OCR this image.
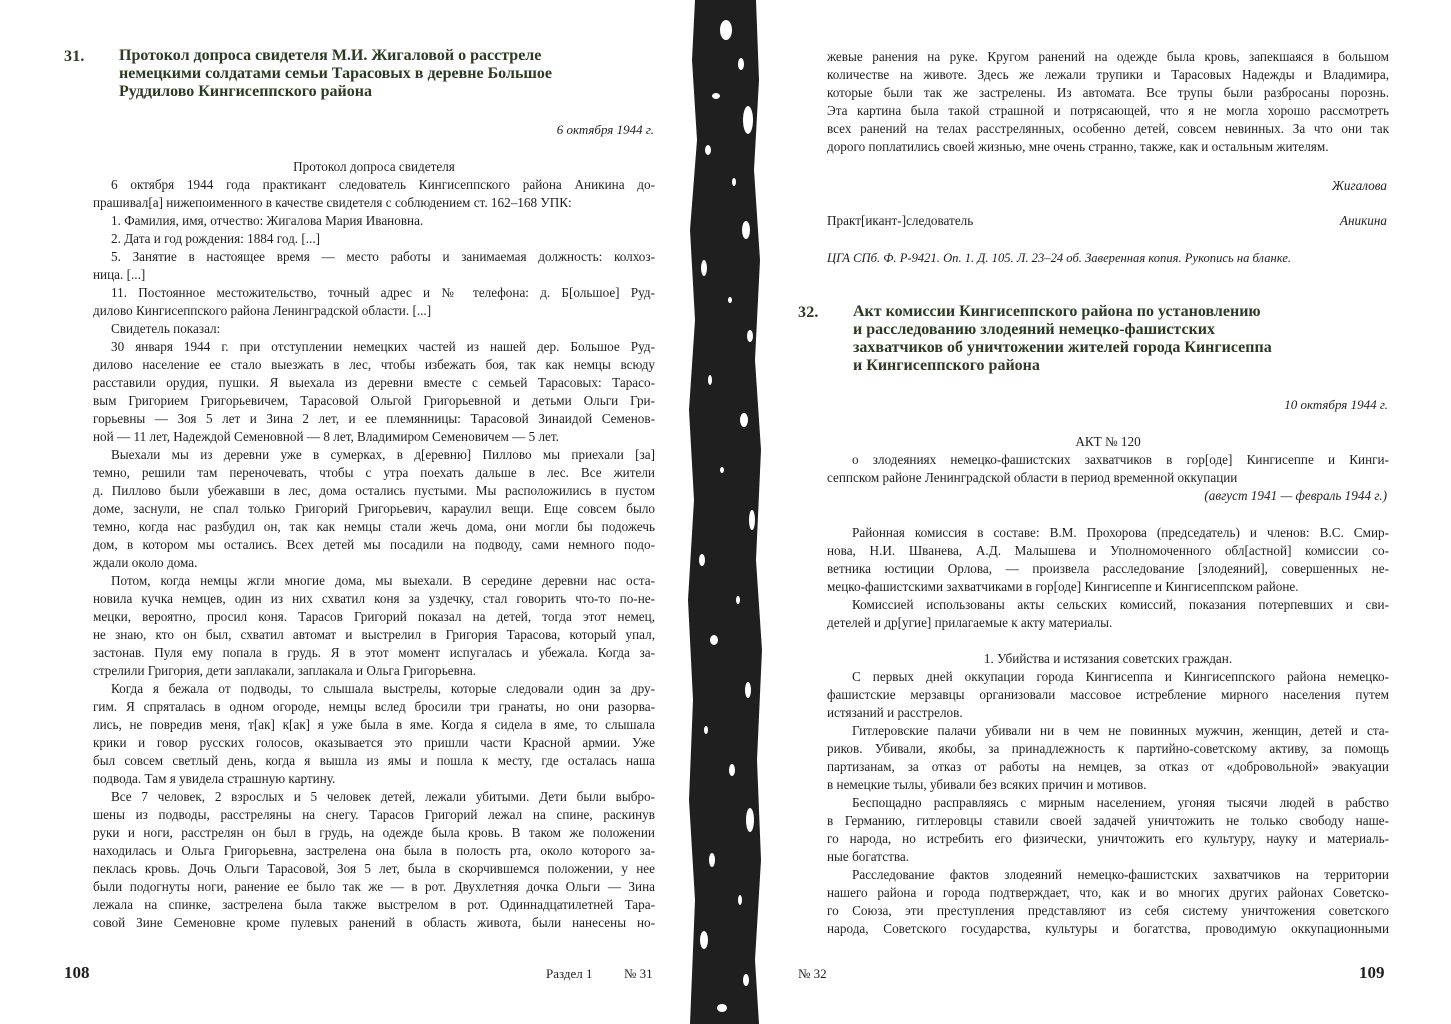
31. Протокол допроса свидетеля М.И. Жигаловой о расстреле
немецкими солдатами семьи Тарасовых в деревне Большое
Руддилово Кингисеппского района
6 октября 1944 г.
Протокол допроса свидетеля
6 октября 1944 года практикант следователь Кингисеппского района Аникина до-
прашивал[а] нижепоименного в качестве свидетеля с соблюдением ст. 162–168 УПК:
1. Фамилия, имя, отчество: Жигалова Мария Ивановна.
2. Дата и год рождения: 1884 год. [...]
5. Занятие в настоящее время — место работы и занимаемая должность: колхоз-
ница. [...]
11. Постоянное местожительство, точный адрес и № телефона: д. Б[ольшое] Руд-
дилово Кингисеппского района Ленинградской области. [...]
Свидетель показал:
30 января 1944 г. при отступлении немецких частей из нашей дер. Большое Руд-
дилово население ее стало выезжать в лес, чтобы избежать боя, так как немцы всюду
расставили орудия, пушки. Я выехала из деревни вместе с семьей Тарасовых: Тарасо-
вым Григорием Григорьевичем, Тарасовой Ольгой Григорьевной и детьми Ольги Гри-
горьевны — Зоя 5 лет и Зина 2 лет, и ее племянницы: Тарасовой Зинаидой Семенов-
ной — 11 лет, Надеждой Семеновной — 8 лет, Владимиром Семеновичем — 5 лет.
Выехали мы из деревни уже в сумерках, в д[еревню] Пиллово мы приехали [за]
темно, решили там переночевать, чтобы с утра поехать дальше в лес. Все жители
д. Пиллово были убежавши в лес, дома остались пустыми. Мы расположились в пустом
доме, заснули, не спал только Григорий Григорьевич, караулил вещи. Еще совсем было
темно, когда нас разбудил он, так как немцы стали жечь дома, они могли бы подожечь
дом, в котором мы остались. Всех детей мы посадили на подводу, сами немного подо-
ждали около дома.
Потом, когда немцы жгли многие дома, мы выехали. В середине деревни нас оста-
новила кучка немцев, один из них схватил коня за уздечку, стал говорить что-то по-не-
мецки, вероятно, просил коня. Тарасов Григорий показал на детей, тогда этот немец,
не знаю, кто он был, схватил автомат и выстрелил в Григория Тарасова, который упал,
застонав. Пуля ему попала в грудь. Я в этот момент испугалась и убежала. Когда за-
стрелили Григория, дети заплакали, заплакала и Ольга Григорьевна.
Когда я бежала от подводы, то слышала выстрелы, которые следовали один за дру-
гим. Я спряталась в одном огороде, немцы вслед бросили три гранаты, но они разорва-
лись, не повредив меня, т[ак] к[ак] я уже была в яме. Когда я сидела в яме, то слышала
крики и говор русских голосов, оказывается это пришли части Красной армии. Уже
был совсем светлый день, когда я вышла из ямы и пошла к месту, где осталась наша
подвода. Там я увидела страшную картину.
Все 7 человек, 2 взрослых и 5 человек детей, лежали убитыми. Дети были выбро-
шены из подводы, расстреляны на снегу. Тарасов Григорий лежал на спине, раскинув
руки и ноги, расстрелян он был в грудь, на одежде была кровь. В таком же положении
находилась и Ольга Григорьевна, застрелена она была в полость рта, около которого за-
пеклась кровь. Дочь Ольги Тарасовой, Зоя 5 лет, была в скорчившемся положении, у нее
были подогнуты ноги, ранение ее было так же — в рот. Двухлетняя дочка Ольги — Зина
лежала на спинке, застрелена была также выстрелом в рот. Одиннадцатилетней Тара-
совой Зине Семеновне кроме пулевых ранений в область живота, были нанесены но-
108	Раздел 1 № 31
жевые ранения на руке. Кругом ранений на одежде была кровь, запекшаяся в большом
количестве на животе. Здесь же лежали трупики и Тарасовых Надежды и Владимира,
которые были так же застрелены. Из автомата. Все трупы были разбросаны порознь.
Эта картина была такой страшной и потрясающей, что я не могла хорошо рассмотреть
всех ранений на телах расстрелянных, особенно детей, совсем невинных. За что они так
дорого поплатились своей жизнью, мне очень странно, также, как и остальным жителям.
Жигалова
Практ[икант-]следователь	Аникина
ЦГА СПб. Ф. Р-9421. Оп. 1. Д. 105. Л. 23–24 об. Заверенная копия. Рукопись на бланке.
32. Акт комиссии Кингисеппского района по установлению
и расследованию злодеяний немецко-фашистских
захватчиков об уничтожении жителей города Кингисеппа
и Кингисеппского района
10 октября 1944 г.
АКТ № 120
о злодеяниях немецко-фашистских захватчиков в гор[оде] Кингисеппе и Кинги-
сеппском районе Ленинградской области в период временной оккупации
(август 1941 — февраль 1944 г.)
Районная комиссия в составе: В.М. Прохорова (председатель) и членов: В.С. Смир-
нова, Н.И. Шванева, А.Д. Малышева и Уполномоченного обл[астной] комиссии со-
ветника юстиции Орлова, — произвела расследование [злодеяний], совершенных не-
мецко-фашистскими захватчиками в гор[оде] Кингисеппе и Кингисеппском районе.
Комиссией использованы акты сельских комиссий, показания потерпевших и сви-
детелей и др[угие] прилагаемые к акту материалы.
1. Убийства и истязания советских граждан.
С первых дней оккупации города Кингисеппа и Кингисеппского района немецко-
фашистские мерзавцы организовали массовое истребление мирного населения путем
истязаний и расстрелов.
Гитлеровские палачи убивали ни в чем не повинных мужчин, женщин, детей и ста-
риков. Убивали, якобы, за принадлежность к партийно-советскому активу, за помощь
партизанам, за отказ от работы на немцев, за отказ от «добровольной» эвакуации
в немецкие тылы, убивали без всяких причин и мотивов.
Беспощадно расправляясь с мирным населением, угоняя тысячи людей в рабство
в Германию, гитлеровцы ставили своей задачей уничтожить не только свободу наше-
го народа, но истребить его физически, уничтожить его культуру, науку и материаль-
ные богатства.
Расследование фактов злодеяний немецко-фашистских захватчиков на территории
нашего района и города подтверждает, что, как и во многих других районах Советско-
го Союза, эти преступления представляют из себя систему уничтожения советского
народа, Советского государства, культуры и богатства, проводимую оккупационными
№ 32	109
